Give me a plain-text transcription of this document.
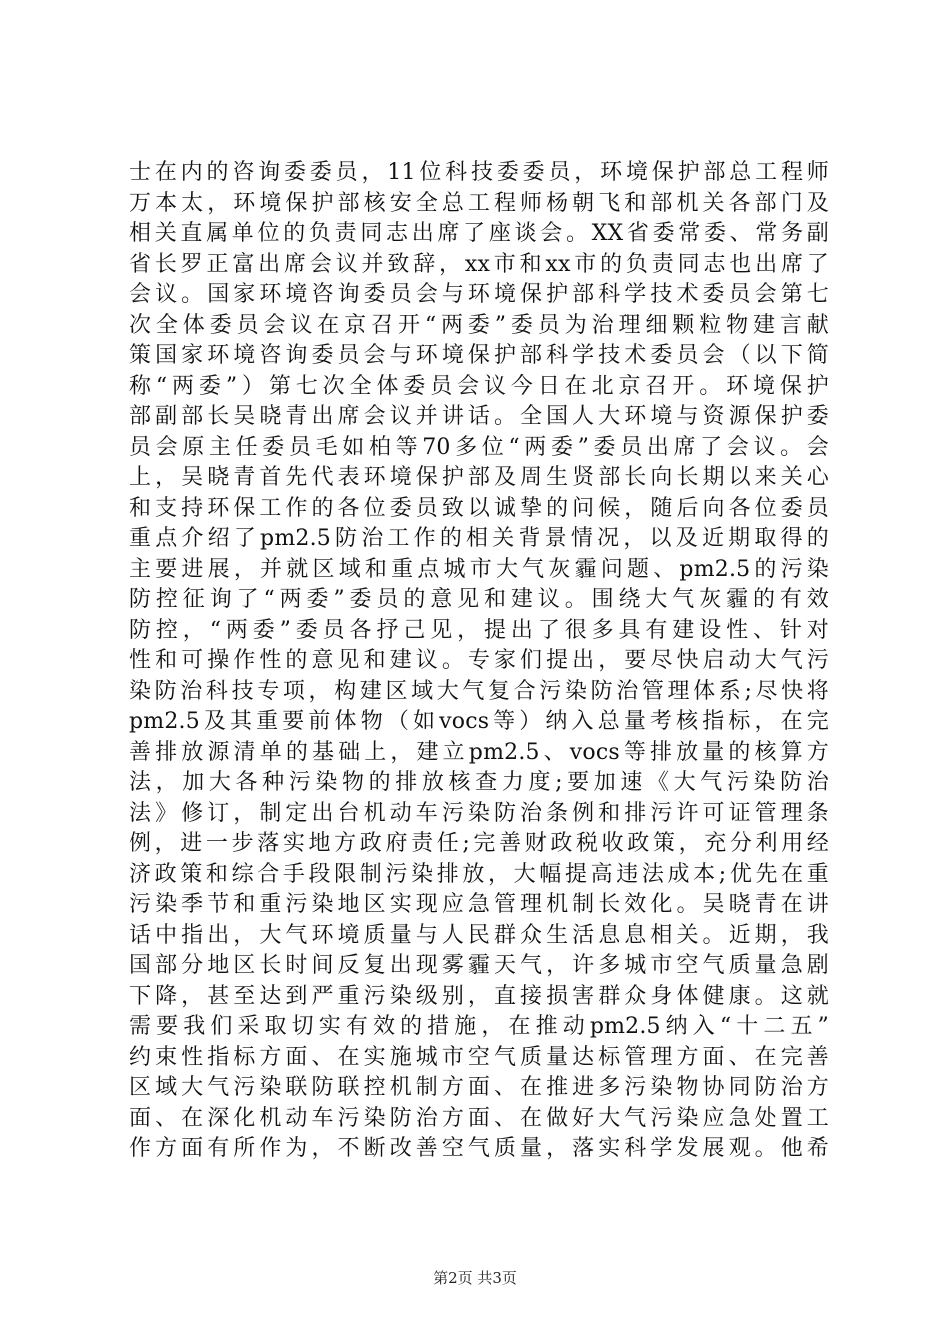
士在内的咨询委委员，11位科技委委员，环境保护部总工程师
万本太，环境保护部核安全总工程师杨朝飞和部机关各部门及
相关直属单位的负责同志出席了座谈会。XX省委常委、常务副
省长罗正富出席会议并致辞，xx市和xx市的负责同志也出席了
会议。国家环境咨询委员会与环境保护部科学技术委员会第七
次全体委员会议在京召开“两委”委员为治理细颗粒物建言献
策国家环境咨询委员会与环境保护部科学技术委员会（以下简
称“两委”）第七次全体委员会议今日在北京召开。环境保护
部副部长吴晓青出席会议并讲话。全国人大环境与资源保护委
员会原主任委员毛如柏等70多位“两委”委员出席了会议。会
上，吴晓青首先代表环境保护部及周生贤部长向长期以来关心
和支持环保工作的各位委员致以诚挚的问候，随后向各位委员
重点介绍了pm2.5防治工作的相关背景情况，以及近期取得的
主要进展，并就区域和重点城市大气灰霾问题、pm2.5的污染
防控征询了“两委”委员的意见和建议。围绕大气灰霾的有效
防控，“两委”委员各抒己见，提出了很多具有建设性、针对
性和可操作性的意见和建议。专家们提出，要尽快启动大气污
染防治科技专项，构建区域大气复合污染防治管理体系;尽快将
pm2.5及其重要前体物（如vocs等）纳入总量考核指标，在完
善排放源清单的基础上，建立pm2.5、vocs等排放量的核算方
法，加大各种污染物的排放核查力度;要加速《大气污染防治
法》修订，制定出台机动车污染防治条例和排污许可证管理条
例，进一步落实地方政府责任;完善财政税收政策，充分利用经
济政策和综合手段限制污染排放，大幅提高违法成本;优先在重
污染季节和重污染地区实现应急管理机制长效化。吴晓青在讲
话中指出，大气环境质量与人民群众生活息息相关。近期，我
国部分地区长时间反复出现雾霾天气，许多城市空气质量急剧
下降，甚至达到严重污染级别，直接损害群众身体健康。这就
需要我们采取切实有效的措施，在推动pm2.5纳入“十二五”
约束性指标方面、在实施城市空气质量达标管理方面、在完善
区域大气污染联防联控机制方面、在推进多污染物协同防治方
面、在深化机动车污染防治方面、在做好大气污染应急处置工
作方面有所作为，不断改善空气质量，落实科学发展观。他希
第2页 共3页
